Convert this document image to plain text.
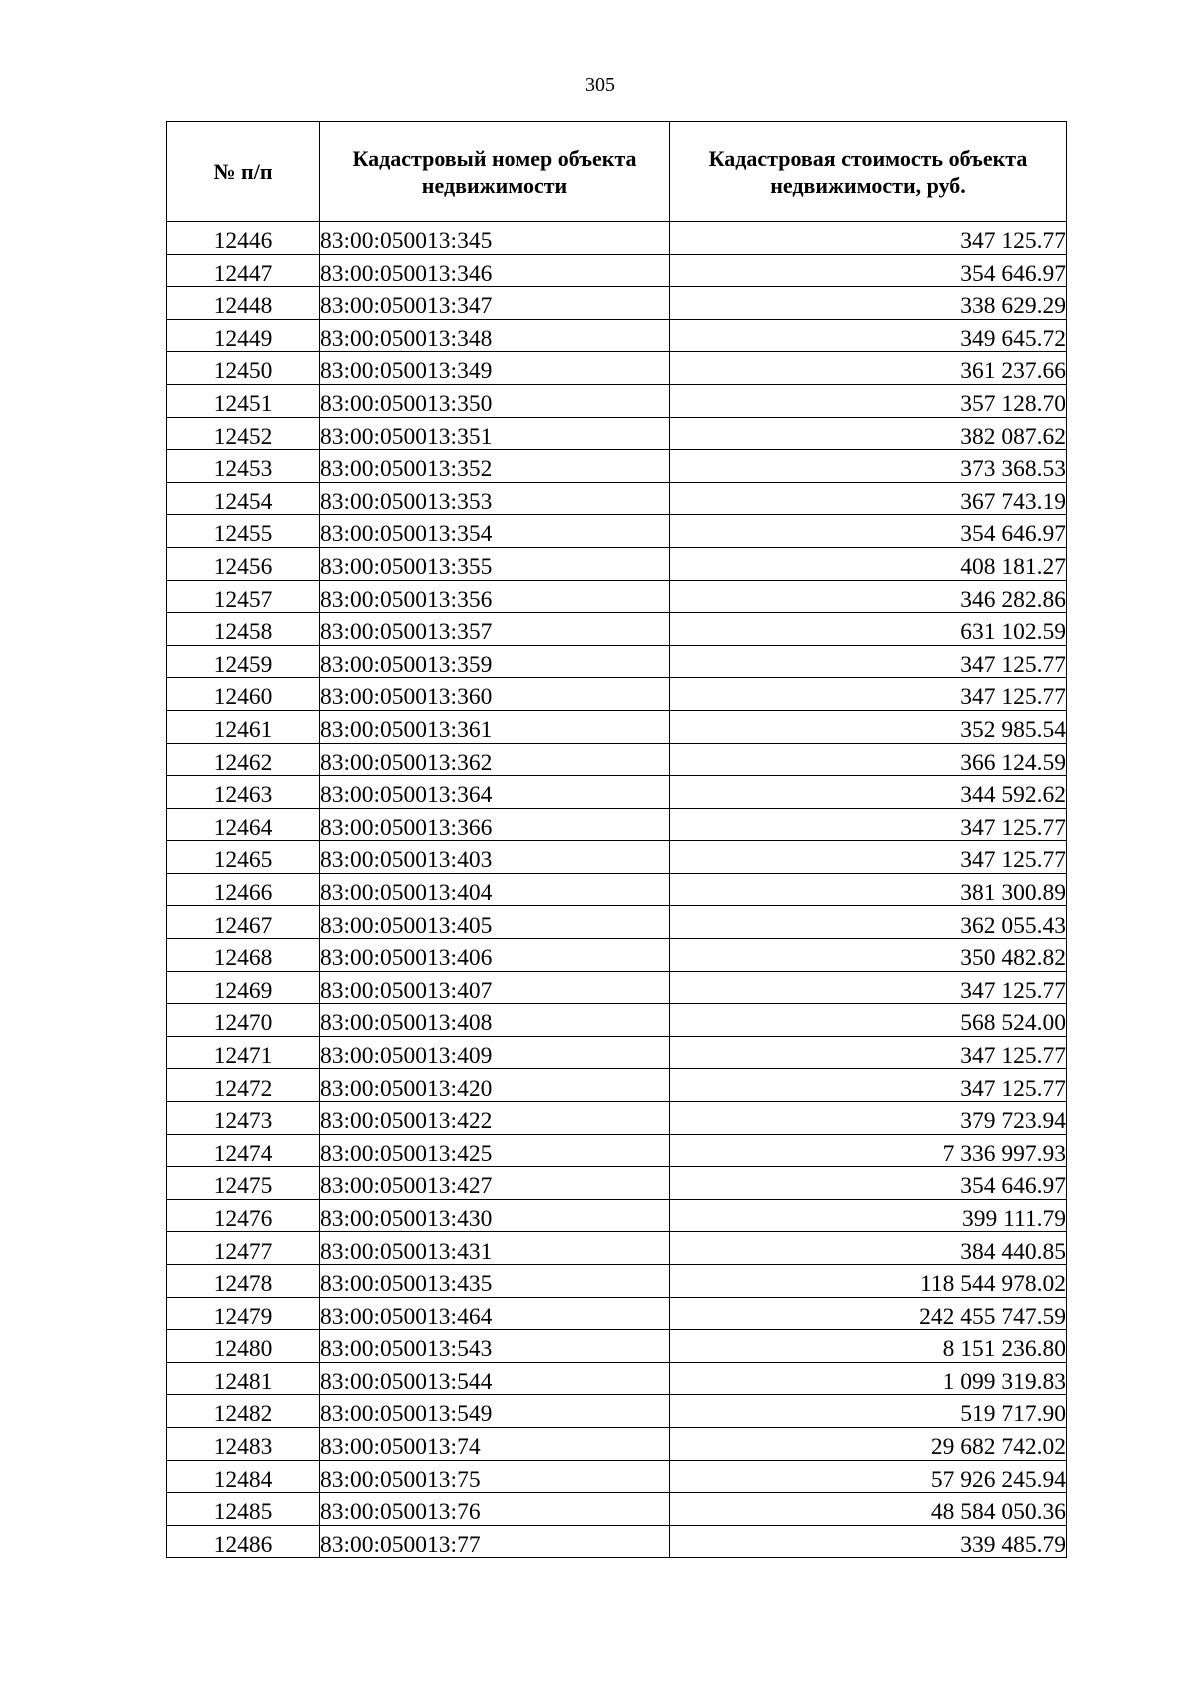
305
№ п/п	Кадастровый номер объекта недвижимости	Кадастровая стоимость объекта недвижимости, руб.
12446	83:00:050013:345	347 125.77
12447	83:00:050013:346	354 646.97
12448	83:00:050013:347	338 629.29
12449	83:00:050013:348	349 645.72
12450	83:00:050013:349	361 237.66
12451	83:00:050013:350	357 128.70
12452	83:00:050013:351	382 087.62
12453	83:00:050013:352	373 368.53
12454	83:00:050013:353	367 743.19
12455	83:00:050013:354	354 646.97
12456	83:00:050013:355	408 181.27
12457	83:00:050013:356	346 282.86
12458	83:00:050013:357	631 102.59
12459	83:00:050013:359	347 125.77
12460	83:00:050013:360	347 125.77
12461	83:00:050013:361	352 985.54
12462	83:00:050013:362	366 124.59
12463	83:00:050013:364	344 592.62
12464	83:00:050013:366	347 125.77
12465	83:00:050013:403	347 125.77
12466	83:00:050013:404	381 300.89
12467	83:00:050013:405	362 055.43
12468	83:00:050013:406	350 482.82
12469	83:00:050013:407	347 125.77
12470	83:00:050013:408	568 524.00
12471	83:00:050013:409	347 125.77
12472	83:00:050013:420	347 125.77
12473	83:00:050013:422	379 723.94
12474	83:00:050013:425	7 336 997.93
12475	83:00:050013:427	354 646.97
12476	83:00:050013:430	399 111.79
12477	83:00:050013:431	384 440.85
12478	83:00:050013:435	118 544 978.02
12479	83:00:050013:464	242 455 747.59
12480	83:00:050013:543	8 151 236.80
12481	83:00:050013:544	1 099 319.83
12482	83:00:050013:549	519 717.90
12483	83:00:050013:74	29 682 742.02
12484	83:00:050013:75	57 926 245.94
12485	83:00:050013:76	48 584 050.36
12486	83:00:050013:77	339 485.79
